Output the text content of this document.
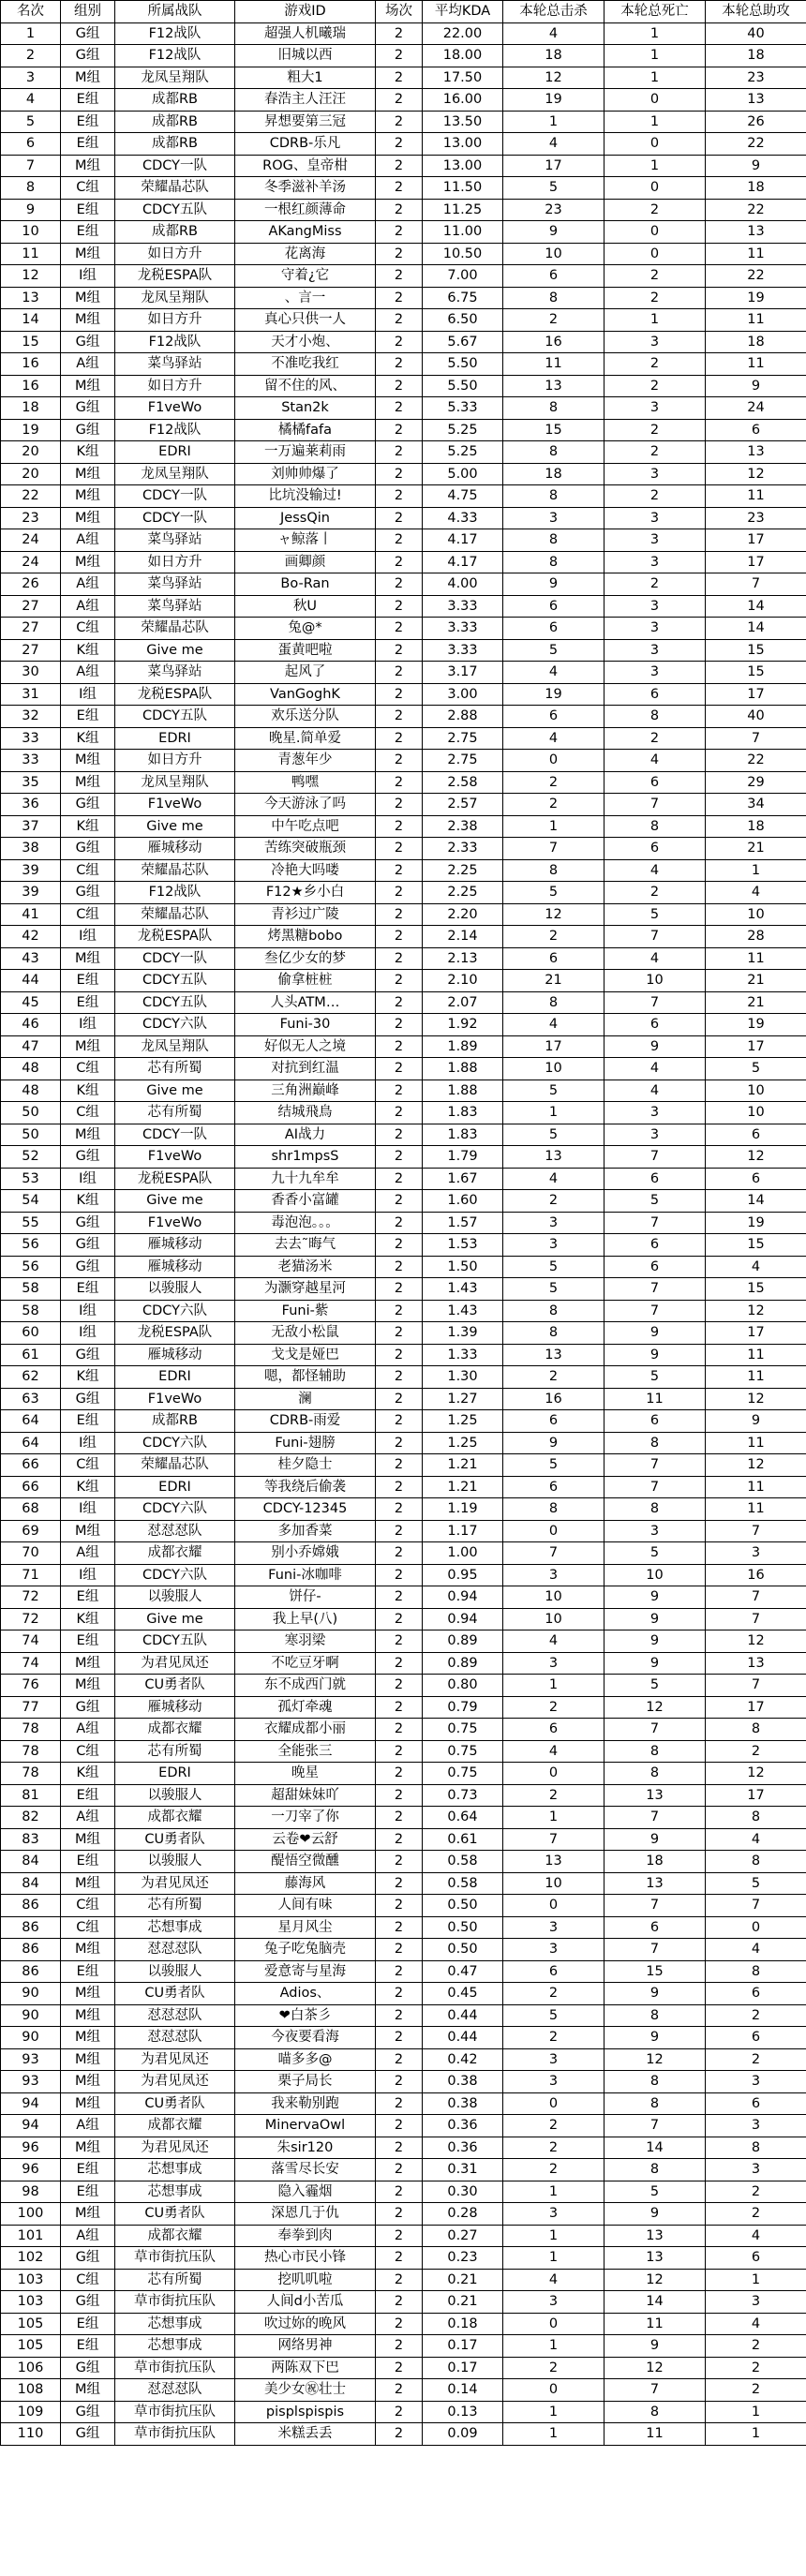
名次	组别	所属战队	游戏ID	场次	平均KDA	本轮总击杀	本轮总死亡	本轮总助攻
1	G组	F12战队	超强人机曦瑞	2	22.00	4	1	40
2	G组	F12战队	旧城以西	2	18.00	18	1	18
3	M组	龙凤呈翔队	粗大1	2	17.50	12	1	23
4	E组	成都RB	春浩主人汪汪	2	16.00	19	0	13
5	E组	成都RB	昇想要第三冠	2	13.50	1	1	26
6	E组	成都RB	CDRB-乐凡	2	13.00	4	0	22
7	M组	CDCY一队	ROG、皇帝柑	2	13.00	17	1	9
8	C组	荣耀晶芯队	冬季滋补羊汤	2	11.50	5	0	18
9	E组	CDCY五队	一根红颜薄命	2	11.25	23	2	22
10	E组	成都RB	AKangMiss	2	11.00	9	0	13
11	M组	如日方升	花离海	2	10.50	10	0	11
12	I组	龙税ESPA队	守着¿它	2	7.00	6	2	22
13	M组	龙凤呈翔队	、言一	2	6.75	8	2	19
14	M组	如日方升	真心只供一人	2	6.50	2	1	11
15	G组	F12战队	天才小炮、	2	5.67	16	3	18
16	A组	菜鸟驿站	不准吃我红	2	5.50	11	2	11
16	M组	如日方升	留不住的风、	2	5.50	13	2	9
18	G组	F1veWo	Stan2k	2	5.33	8	3	24
19	G组	F12战队	橘橘fafa	2	5.25	15	2	6
20	K组	EDRI	一万遍莱莉雨	2	5.25	8	2	13
20	M组	龙凤呈翔队	刘帅帅爆了	2	5.00	18	3	12
22	M组	CDCY一队	比坑没输过!	2	4.75	8	2	11
23	M组	CDCY一队	JessQin	2	4.33	3	3	23
24	A组	菜鸟驿站	ャ鲸落丨	2	4.17	8	3	17
24	M组	如日方升	画卿颜	2	4.17	8	3	17
26	A组	菜鸟驿站	Bo-Ran	2	4.00	9	2	7
27	A组	菜鸟驿站	秋U	2	3.33	6	3	14
27	C组	荣耀晶芯队	兔@*	2	3.33	6	3	14
27	K组	Give me	蛋黄吧啦	2	3.33	5	3	15
30	A组	菜鸟驿站	起风了	2	3.17	4	3	15
31	I组	龙税ESPA队	VanGoghK	2	3.00	19	6	17
32	E组	CDCY五队	欢乐送分队	2	2.88	6	8	40
33	K组	EDRI	晚星.简单爱	2	2.75	4	2	7
33	M组	如日方升	青葱年少	2	2.75	0	4	22
35	M组	龙凤呈翔队	鸭嘿	2	2.58	2	6	29
36	G组	F1veWo	今天游泳了吗	2	2.57	2	7	34
37	K组	Give me	中午吃点吧	2	2.38	1	8	18
38	G组	雁城移动	苦练突破瓶颈	2	2.33	7	6	21
39	C组	荣耀晶芯队	冷艳大吗喽	2	2.25	8	4	1
39	G组	F12战队	F12★乡小白	2	2.25	5	2	4
41	C组	荣耀晶芯队	青衫过广陵	2	2.20	12	5	10
42	I组	龙税ESPA队	烤黑糖bobo	2	2.14	2	7	28
43	M组	CDCY一队	叁亿少女的梦	2	2.13	6	4	11
44	E组	CDCY五队	偷拿桩桩	2	2.10	21	10	21
45	E组	CDCY五队	人头ATM…	2	2.07	8	7	21
46	I组	CDCY六队	Funi-30	2	1.92	4	6	19
47	M组	龙凤呈翔队	好似无人之境	2	1.89	17	9	17
48	C组	芯有所蜀	对抗到红温	2	1.88	10	4	5
48	K组	Give me	三角洲巅峰	2	1.88	5	4	10
50	C组	芯有所蜀	结城飛鳥	2	1.83	1	3	10
50	M组	CDCY一队	AI战力	2	1.83	5	3	6
52	G组	F1veWo	shr1mpsS	2	1.79	13	7	12
53	I组	龙税ESPA队	九十九牟牟	2	1.67	4	6	6
54	K组	Give me	香香小富罐	2	1.60	2	5	14
55	G组	F1veWo	毒泡泡。。。	2	1.57	3	7	19
56	G组	雁城移动	去去˜晦气	2	1.53	3	6	15
56	G组	雁城移动	老猫汤米	2	1.50	5	6	4
58	E组	以骏服人	为灏穿越星河	2	1.43	5	7	15
58	I组	CDCY六队	Funi-紫	2	1.43	8	7	12
60	I组	龙税ESPA队	无敌小松鼠	2	1.39	8	9	17
61	G组	雁城移动	戈戈是娅巴	2	1.33	13	9	11
62	K组	EDRI	嗯，都怪辅助	2	1.30	2	5	11
63	G组	F1veWo	澜	2	1.27	16	11	12
64	E组	成都RB	CDRB-雨爱	2	1.25	6	6	9
64	I组	CDCY六队	Funi-翅膀	2	1.25	9	8	11
66	C组	荣耀晶芯队	桂夕隐士	2	1.21	5	7	12
66	K组	EDRI	等我绕后偷袭	2	1.21	6	7	11
68	I组	CDCY六队	CDCY-12345	2	1.19	8	8	11
69	M组	怼怼怼队	多加香菜	2	1.17	0	3	7
70	A组	成都衣耀	别小乔嫦娥	2	1.00	7	5	3
71	I组	CDCY六队	Funi-冰咖啡	2	0.95	3	10	16
72	E组	以骏服人	饼仔-	2	0.94	10	9	7
72	K组	Give me	我上早(八)	2	0.94	10	9	7
74	E组	CDCY五队	寒羽梁	2	0.89	4	9	12
74	M组	为君见凤还	不吃豆牙啊	2	0.89	3	9	13
76	M组	CU勇者队	东不成西门就	2	0.80	1	5	7
77	G组	雁城移动	孤灯牵魂	2	0.79	2	12	17
78	A组	成都衣耀	衣耀成都小丽	2	0.75	6	7	8
78	C组	芯有所蜀	全能张三	2	0.75	4	8	2
78	K组	EDRI	晚星	2	0.75	0	8	12
81	E组	以骏服人	超甜妹妹吖	2	0.73	2	13	17
82	A组	成都衣耀	一刀宰了你	2	0.64	1	7	8
83	M组	CU勇者队	云卷❤云舒	2	0.61	7	9	4
84	E组	以骏服人	醍悟空微醺	2	0.58	13	18	8
84	M组	为君见凤还	藤海风	2	0.58	10	13	5
86	C组	芯有所蜀	人间有味	2	0.50	0	7	7
86	C组	芯想事成	星月风尘	2	0.50	3	6	0
86	M组	怼怼怼队	兔子吃兔脑壳	2	0.50	3	7	4
86	E组	以骏服人	爱意寄与星海	2	0.47	6	15	8
90	M组	CU勇者队	Adios、	2	0.45	2	9	6
90	M组	怼怼怼队	❤白茶彡	2	0.44	5	8	2
90	M组	怼怼怼队	今夜要看海	2	0.44	2	9	6
93	M组	为君见凤还	喵多多@	2	0.42	3	12	2
93	M组	为君见凤还	栗子局长	2	0.38	3	8	3
94	M组	CU勇者队	我来勒别跑	2	0.38	0	8	6
94	A组	成都衣耀	MinervaOwl	2	0.36	2	7	3
96	M组	为君见凤还	朱sir120	2	0.36	2	14	8
96	E组	芯想事成	落雪尽长安	2	0.31	2	8	3
98	E组	芯想事成	隐入霾烟	2	0.30	1	5	2
100	M组	CU勇者队	深恩几于仇	2	0.28	3	9	2
101	A组	成都衣耀	奉拳到肉	2	0.27	1	13	4
102	G组	草市街抗压队	热心市民小锋	2	0.23	1	13	6
103	C组	芯有所蜀	挖叽叽啦	2	0.21	4	12	1
103	G组	草市街抗压队	人间d小苦瓜	2	0.21	3	14	3
105	E组	芯想事成	吹过妳的晚风	2	0.18	0	11	4
105	E组	芯想事成	网络男神	2	0.17	1	9	2
106	G组	草市街抗压队	两陈双下巴	2	0.17	2	12	2
108	M组	怼怼怼队	美少女㊗壮士	2	0.14	0	7	2
109	G组	草市街抗压队	pisplspispis	2	0.13	1	8	1
110	G组	草市街抗压队	米糕丢丢	2	0.09	1	11	1
